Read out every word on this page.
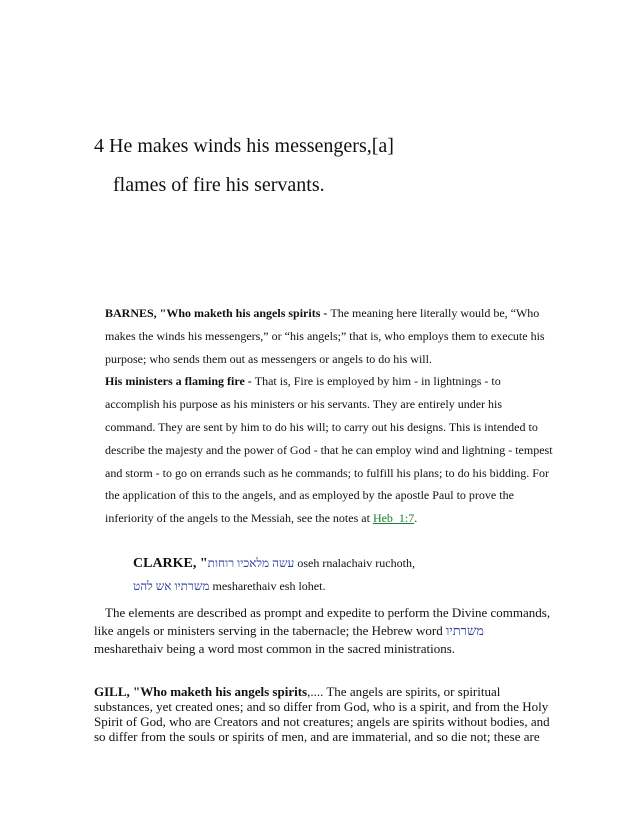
4 He makes winds his messengers,[a]
flames of fire his servants.

BARNES, "Who maketh his angels spirits - The meaning here literally would be, “Who makes the winds his messengers,” or “his angels;” that is, who employs them to execute his purpose; who sends them out as messengers or angels to do his will.

His ministers a flaming fire - That is, Fire is employed by him - in lightnings - to accomplish his purpose as his ministers or his servants. They are entirely under his command. They are sent by him to do his will; to carry out his designs. This is intended to describe the majesty and the power of God - that he can employ wind and lightning - tempest and storm - to go on errands such as he commands; to fulfill his plans; to do his bidding. For the application of this to the angels, and as employed by the apostle Paul to prove the inferiority of the angels to the Messiah, see the notes at Heb_1:7.

CLARKE, "עשה מלאכיו רוחות oseh rnalachaiv ruchoth,
משרתיו אש להט mesharethaiv esh lohet.

The elements are described as prompt and expedite to perform the Divine commands, like angels or ministers serving in the tabernacle; the Hebrew word משרתיו mesharethaiv being a word most common in the sacred ministrations.

GILL, "Who maketh his angels spirits,.... The angels are spirits, or spiritual substances, yet created ones; and so differ from God, who is a spirit, and from the Holy Spirit of God, who are Creators and not creatures; angels are spirits without bodies, and so differ from the souls or spirits of men, and are immaterial, and so die not; these are
